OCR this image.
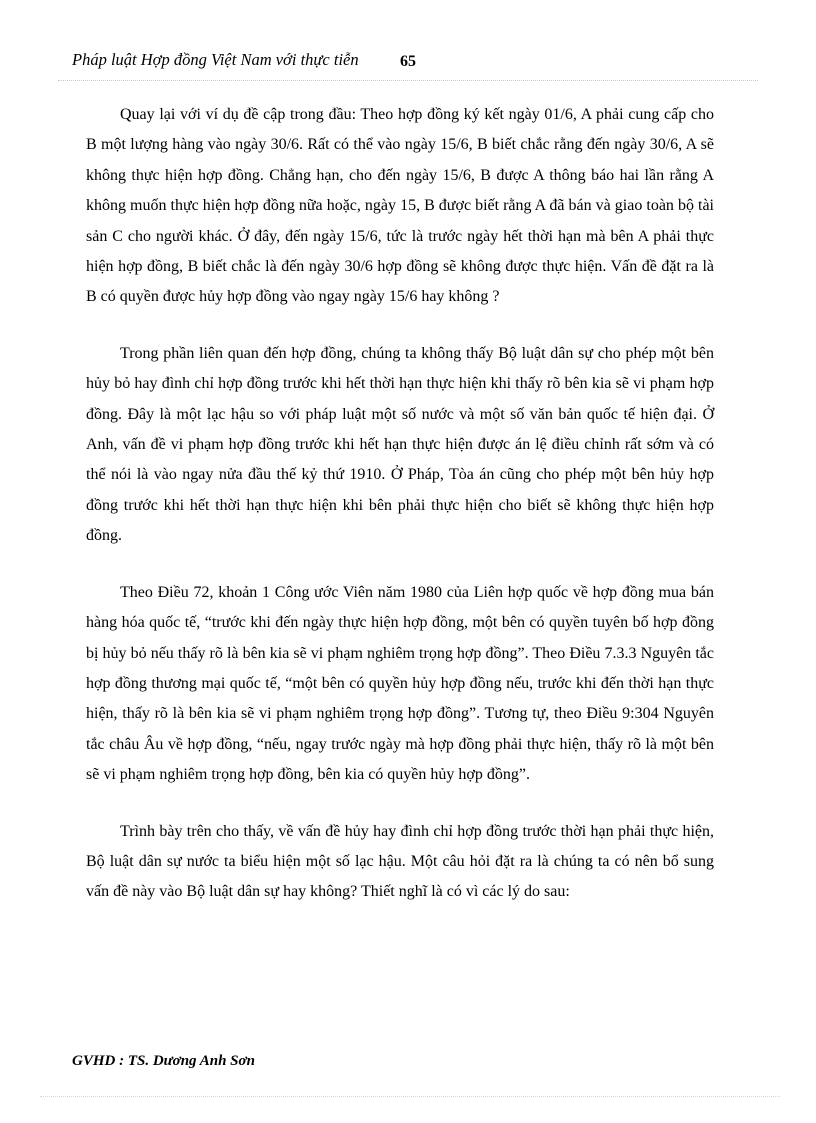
Pháp luật Hợp đồng Việt Nam với thực tiễn	65

Quay lại với ví dụ đề cập trong đầu: Theo hợp đồng ký kết ngày 01/6, A phải cung cấp cho B một lượng hàng vào ngày 30/6. Rất có thể vào ngày 15/6, B biết chắc rằng đến ngày 30/6, A sẽ không thực hiện hợp đồng. Chẳng hạn, cho đến ngày 15/6, B được A thông báo hai lần rằng A không muốn thực hiện hợp đồng nữa hoặc, ngày 15, B được biết rằng A đã bán và giao toàn bộ tài sản C cho người khác. Ở đây, đến ngày 15/6, tức là trước ngày hết thời hạn mà bên A phải thực hiện hợp đồng, B biết chắc là đến ngày 30/6 hợp đồng sẽ không được thực hiện. Vấn đề đặt ra là B có quyền được hủy hợp đồng vào ngay ngày 15/6 hay không ?

Trong phần liên quan đến hợp đồng, chúng ta không thấy Bộ luật dân sự cho phép một bên hủy bỏ hay đình chỉ hợp đồng trước khi hết thời hạn thực hiện khi thấy rõ bên kia sẽ vi phạm hợp đồng. Đây là một lạc hậu so với pháp luật một số nước và một số văn bản quốc tế hiện đại. Ở Anh, vấn đề vi phạm hợp đồng trước khi hết hạn thực hiện được án lệ điều chỉnh rất sớm và có thể nói là vào ngay nửa đầu thế kỷ thứ 1910. Ở Pháp, Tòa án cũng cho phép một bên hủy hợp đồng trước khi hết thời hạn thực hiện khi bên phải thực hiện cho biết sẽ không thực hiện hợp đồng.

Theo Điều 72, khoản 1 Công ước Viên năm 1980 của Liên hợp quốc về hợp đồng mua bán hàng hóa quốc tế, “trước khi đến ngày thực hiện hợp đồng, một bên có quyền tuyên bố hợp đồng bị hủy bỏ nếu thấy rõ là bên kia sẽ vi phạm nghiêm trọng hợp đồng”. Theo Điều 7.3.3 Nguyên tắc hợp đồng thương mại quốc tế, “một bên có quyền hủy hợp đồng nếu, trước khi đến thời hạn thực hiện, thấy rõ là bên kia sẽ vi phạm nghiêm trọng hợp đồng”. Tương tự, theo Điều 9:304 Nguyên tắc châu Âu về hợp đồng, “nếu, ngay trước ngày mà hợp đồng phải thực hiện, thấy rõ là một bên sẽ vi phạm nghiêm trọng hợp đồng, bên kia có quyền hủy hợp đồng”.

Trình bày trên cho thấy, về vấn đề hủy hay đình chỉ hợp đồng trước thời hạn phải thực hiện, Bộ luật dân sự nước ta biểu hiện một số lạc hậu. Một câu hỏi đặt ra là chúng ta có nên bổ sung vấn đề này vào Bộ luật dân sự hay không? Thiết nghĩ là có vì các lý do sau:

GVHD : TS. Dương Anh Sơn
